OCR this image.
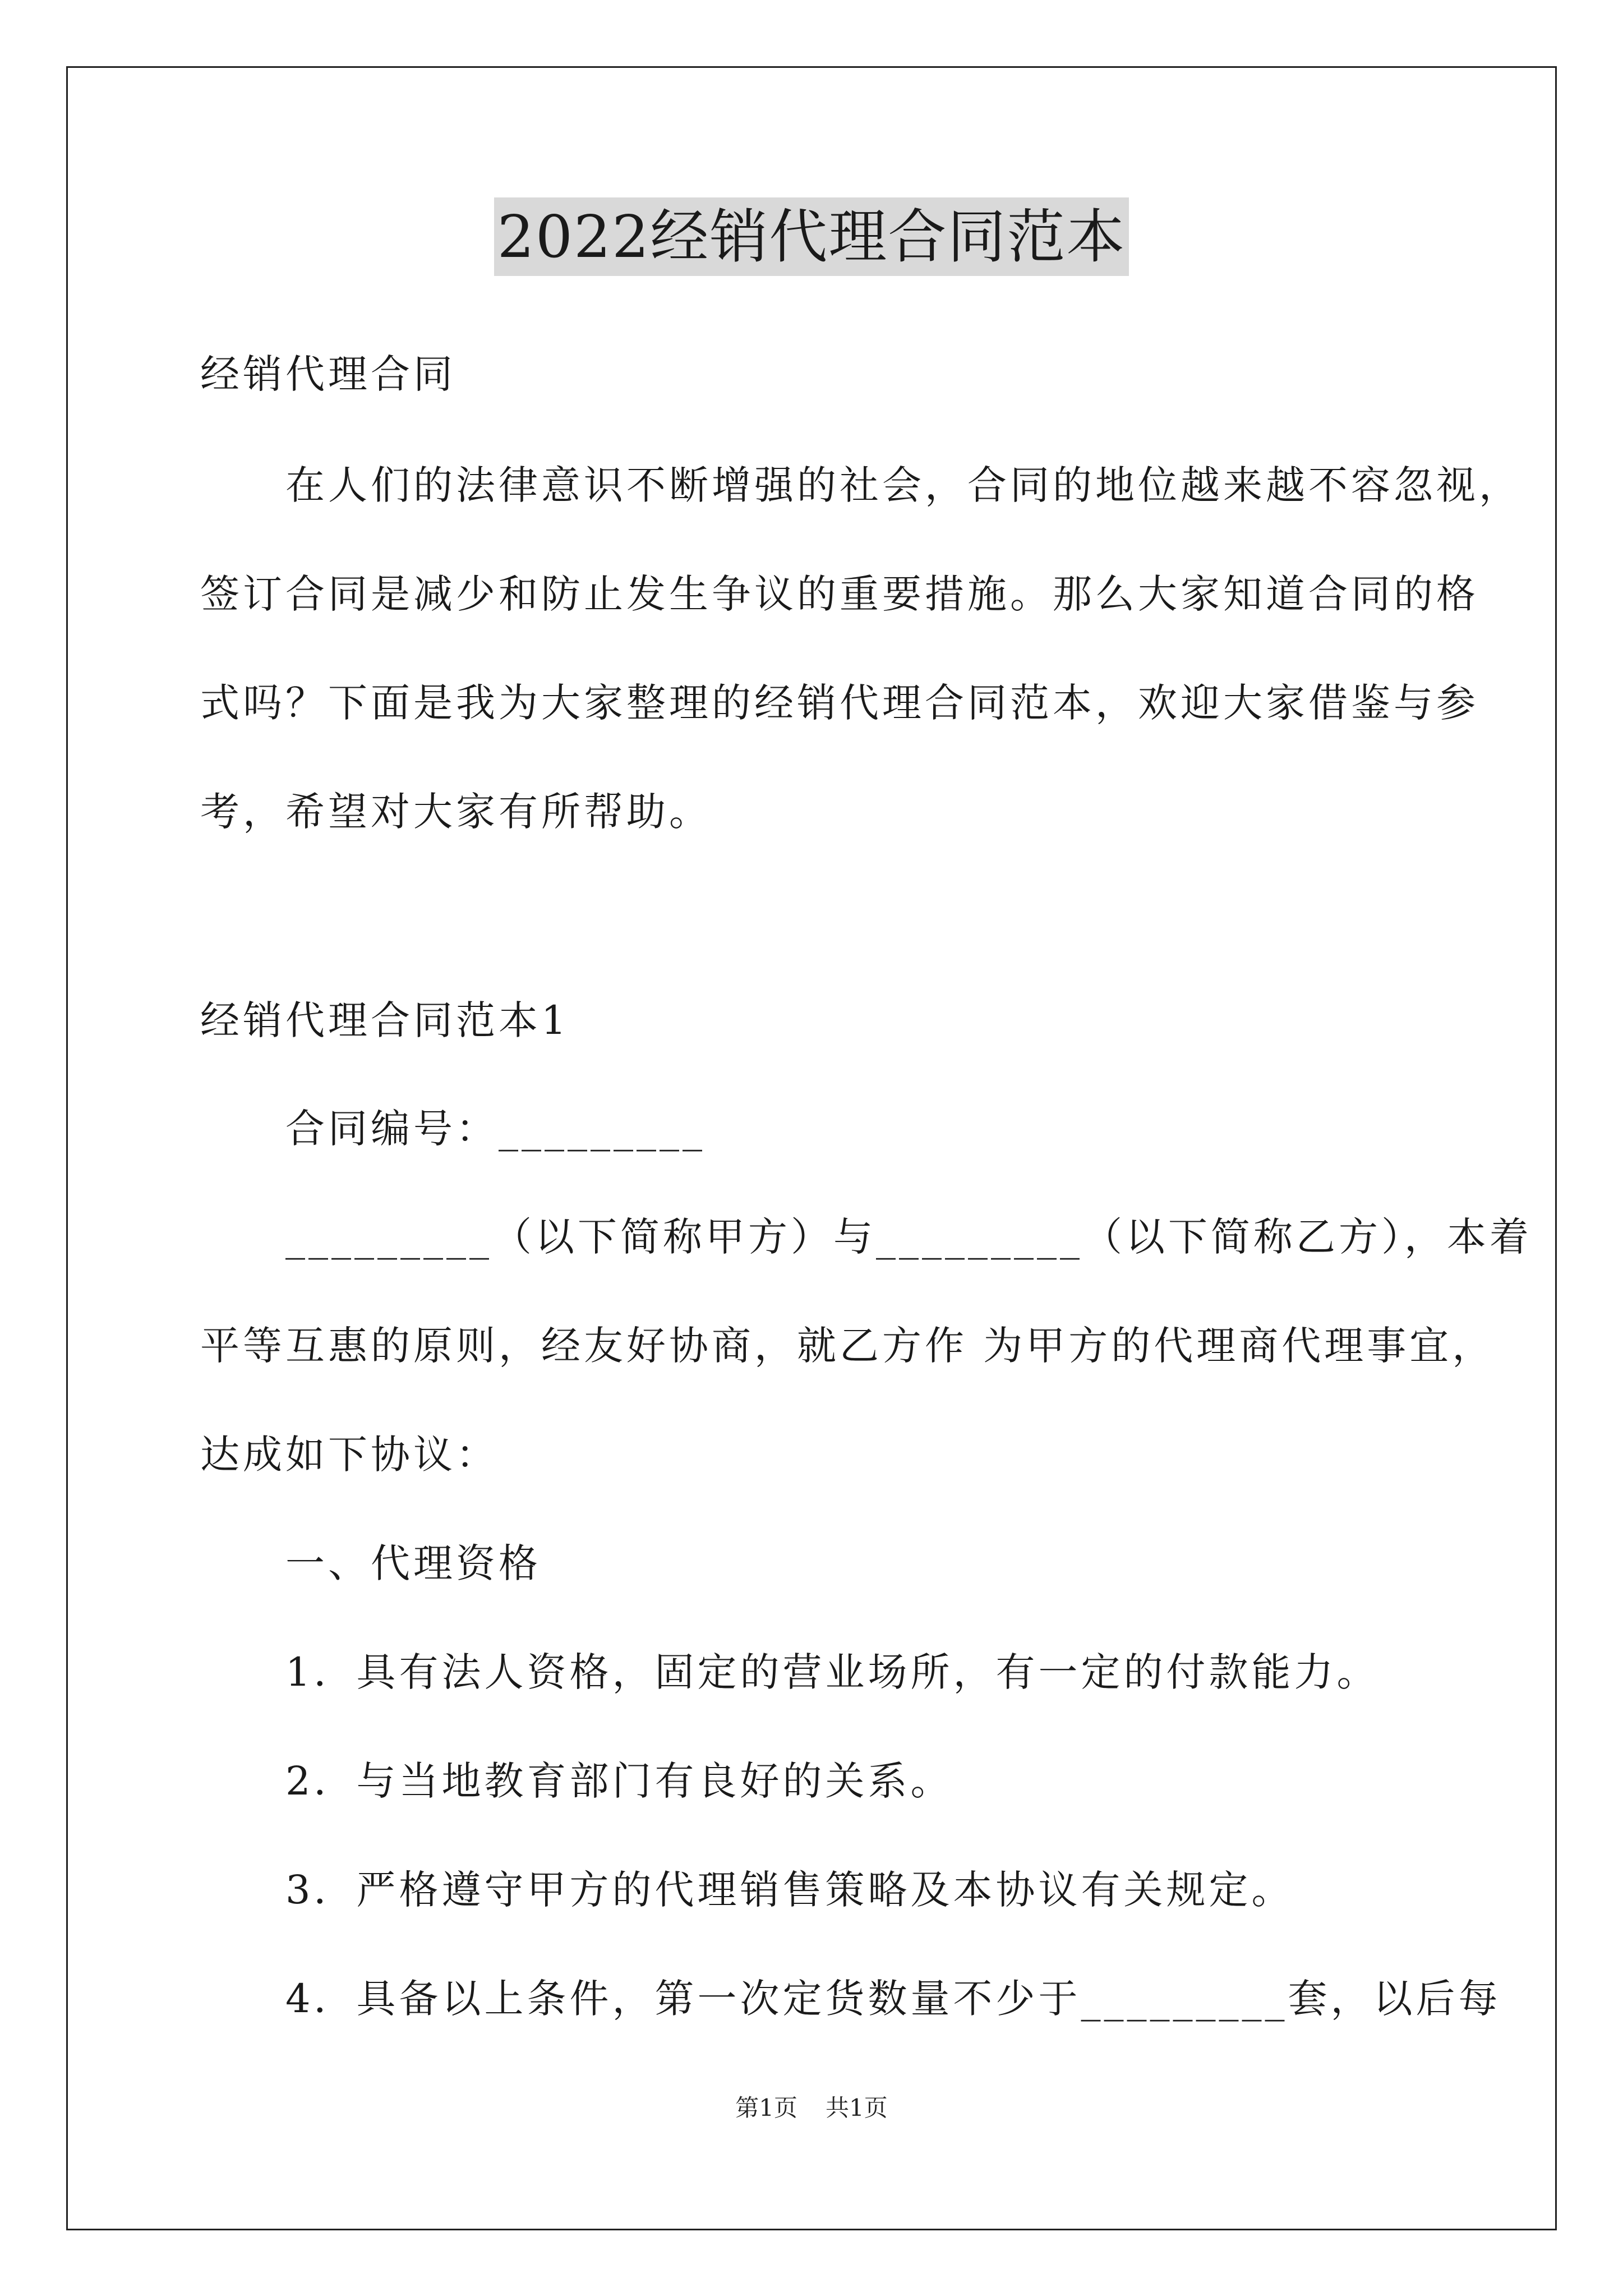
2022经销代理合同范本
经销代理合同
　　在人们的法律意识不断增强的社会，合同的地位越来越不容忽视，
签订合同是减少和防止发生争议的重要措施。那么大家知道合同的格
式吗？下面是我为大家整理的经销代理合同范本，欢迎大家借鉴与参
考，希望对大家有所帮助。
经销代理合同范本1
　　合同编号：_________
　　_________（以下简称甲方）与_________（以下简称乙方），本着
平等互惠的原则，经友好协商，就乙方作 为甲方的代理商代理事宜，
达成如下协议：
　　一、代理资格
　　1．具有法人资格，固定的营业场所，有一定的付款能力。
　　2．与当地教育部门有良好的关系。
　　3．严格遵守甲方的代理销售策略及本协议有关规定。
　　4．具备以上条件，第一次定货数量不少于_________套，以后每
第1页 共1页
